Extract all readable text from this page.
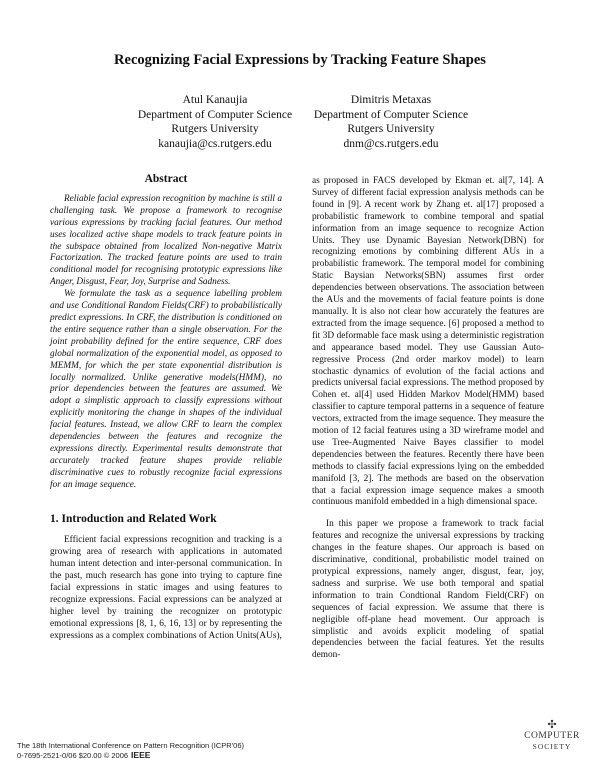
Recognizing Facial Expressions by Tracking Feature Shapes
Atul Kanaujia
Department of Computer Science
Rutgers University
kanaujia@cs.rutgers.edu
Dimitris Metaxas
Department of Computer Science
Rutgers University
dnm@cs.rutgers.edu
Abstract

Reliable facial expression recognition by machine is still a challenging task. We propose a framework to recognise various expressions by tracking facial features. Our method uses localized active shape models to track feature points in the subspace obtained from localized Non-negative Matrix Factorization. The tracked feature points are used to train conditional model for recognising prototypic expressions like Anger, Disgust, Fear, Joy, Surprise and Sadness.

We formulate the task as a sequence labelling problem and use Conditional Random Fields(CRF) to probabilistically predict expressions. In CRF, the distribution is conditioned on the entire sequence rather than a single observation. For the joint probability defined for the entire sequence, CRF does global normalization of the exponential model, as opposed to MEMM, for which the per state exponential distribution is locally normalized. Unlike generative models(HMM), no prior dependencies between the features are assumed. We adopt a simplistic approach to classify expressions without explicitly monitoring the change in shapes of the individual facial features. Instead, we allow CRF to learn the complex dependencies between the features and recognize the expressions directly. Experimental results demonstrate that accurately tracked feature shapes provide reliable discriminative cues to robustly recognize facial expressions for an image sequence.

1. Introduction and Related Work

Efficient facial expressions recognition and tracking is a growing area of research with applications in automated human intent detection and inter-personal communication. In the past, much research has gone into trying to capture fine facial expressions in static images and using features to recognize expressions. Facial expressions can be analyzed at higher level by training the recognizer on prototypic emotional expressions [8, 1, 6, 16, 13] or by representing the expressions as a complex combinations of Action Units(AUs),

as proposed in FACS developed by Ekman et. al[7, 14]. A Survey of different facial expression analysis methods can be found in [9]. A recent work by Zhang et. al[17] proposed a probabilistic framework to combine temporal and spatial information from an image sequence to recognize Action Units. They use Dynamic Bayesian Network(DBN) for recognizing emotions by combining different AUs in a probabilistic framework. The temporal model for combining Static Baysian Networks(SBN) assumes first order dependencies between observations. The association between the AUs and the movements of facial feature points is done manually. It is also not clear how accurately the features are extracted from the image sequence. [6] proposed a method to fit 3D deformable face mask using a deterministic registration and appearance based model. They use Gaussian Auto-regressive Process (2nd order markov model) to learn stochastic dynamics of evolution of the facial actions and predicts universal facial expressions. The method proposed by Cohen et. al[4] used Hidden Markov Model(HMM) based classifier to capture temporal patterns in a sequence of feature vectors, extracted from the image sequence. They measure the motion of 12 facial features using a 3D wireframe model and use Tree-Augmented Naive Bayes classifier to model dependencies between the features. Recently there have been methods to classify facial expressions lying on the embedded manifold [3, 2]. The methods are based on the observation that a facial expression image sequence makes a smooth continuous manifold embedded in a high dimensional space.

In this paper we propose a framework to track facial features and recognize the universal expressions by tracking changes in the feature shapes. Our approach is based on discriminative, conditional, probabilistic model trained on protypical expressions, namely anger, disgust, fear, joy, sadness and surprise. We use both temporal and spatial information to train Condtional Random Field(CRF) on sequences of facial expression. We assume that there is negligible off-plane head movement. Our approach is simplistic and avoids explicit modeling of spatial dependencies between the facial features. Yet the results demon-

The 18th International Conference on Pattern Recognition (ICPR'06)
0-7695-2521-0/06 $20.00 © 2006 IEEE
✣
COMPUTER
SOCIETY
